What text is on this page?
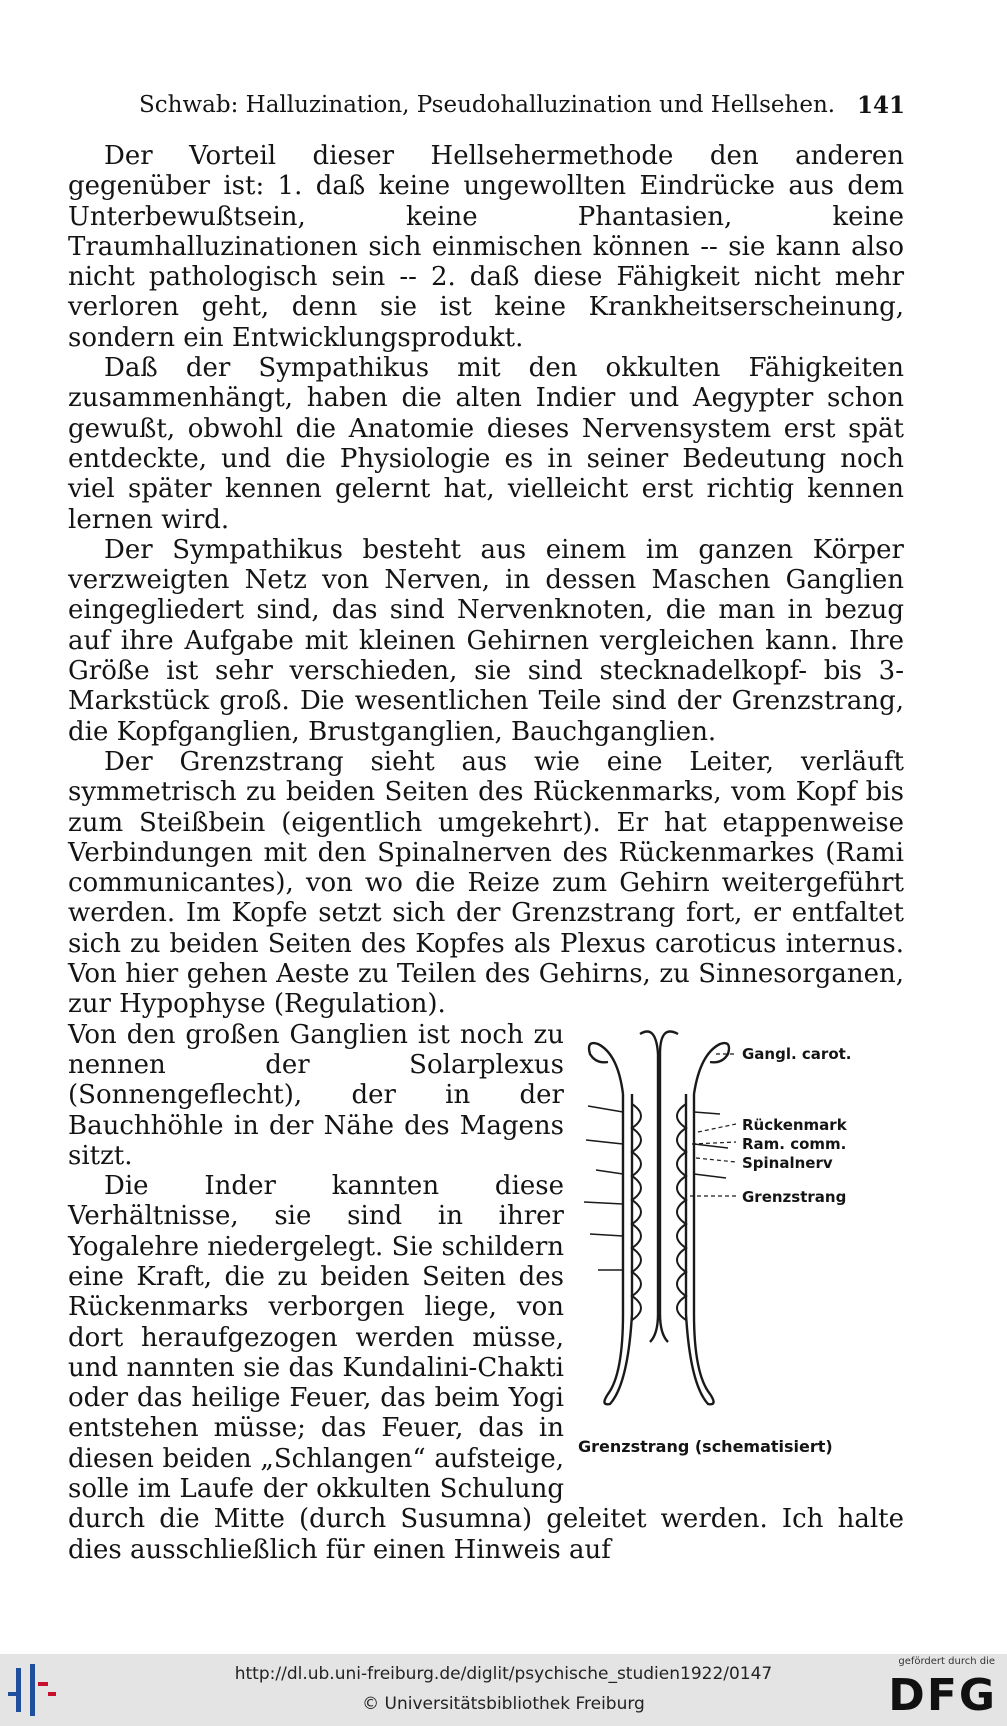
Schwab: Halluzination, Pseudohalluzination und Hellsehen. 141

Der Vorteil dieser Hellsehermethode den anderen gegenüber ist: 1. daß keine ungewollten Eindrücke aus dem Unterbewußtsein, keine Phantasien, keine Traumhalluzinationen sich einmischen können -- sie kann also nicht pathologisch sein -- 2. daß diese Fähigkeit nicht mehr verloren geht, denn sie ist keine Krankheitserscheinung, sondern ein Entwicklungsprodukt.

Daß der Sympathikus mit den okkulten Fähigkeiten zusammenhängt, haben die alten Indier und Aegypter schon gewußt, obwohl die Anatomie dieses Nervensystem erst spät entdeckte, und die Physiologie es in seiner Bedeutung noch viel später kennen gelernt hat, vielleicht erst richtig kennen lernen wird.

Der Sympathikus besteht aus einem im ganzen Körper verzweigten Netz von Nerven, in dessen Maschen Ganglien eingegliedert sind, das sind Nervenknoten, die man in bezug auf ihre Aufgabe mit kleinen Gehirnen vergleichen kann. Ihre Größe ist sehr verschieden, sie sind stecknadelkopf- bis 3-Markstück groß. Die wesentlichen Teile sind der Grenzstrang, die Kopfganglien, Brustganglien, Bauchganglien.

Der Grenzstrang sieht aus wie eine Leiter, verläuft symmetrisch zu beiden Seiten des Rückenmarks, vom Kopf bis zum Steißbein (eigentlich umgekehrt). Er hat etappenweise Verbindungen mit den Spinalnerven des Rückenmarkes (Rami communicantes), von wo die Reize zum Gehirn weitergeführt werden. Im Kopfe setzt sich der Grenzstrang fort, er entfaltet sich zu beiden Seiten des Kopfes als Plexus caroticus internus. Von hier gehen Aeste zu Teilen des Gehirns, zu Sinnesorganen, zur Hypophyse (Regulation).

Gangl. carot.
Rückenmark
Ram. comm.
Spinalnerv
Grenzstrang
Grenzstrang (schematisiert)

Von den großen Ganglien ist noch zu nennen der Solarplexus (Sonnengeflecht), der in der Bauchhöhle in der Nähe des Magens sitzt.

Die Inder kannten diese Verhältnisse, sie sind in ihrer Yogalehre niedergelegt. Sie schildern eine Kraft, die zu beiden Seiten des Rückenmarks verborgen liege, von dort heraufgezogen werden müsse, und nannten sie das Kundalini-Chakti oder das heilige Feuer, das beim Yogi entstehen müsse; das Feuer, das in diesen beiden „Schlangen“ aufsteige, solle im Laufe der okkulten Schulung durch die Mitte (durch Susumna) geleitet werden. Ich halte dies ausschließlich für einen Hinweis auf

http://dl.ub.uni-freiburg.de/diglit/psychische_studien1922/0147
© Universitätsbibliothek Freiburg
gefördert durch die
DFG
